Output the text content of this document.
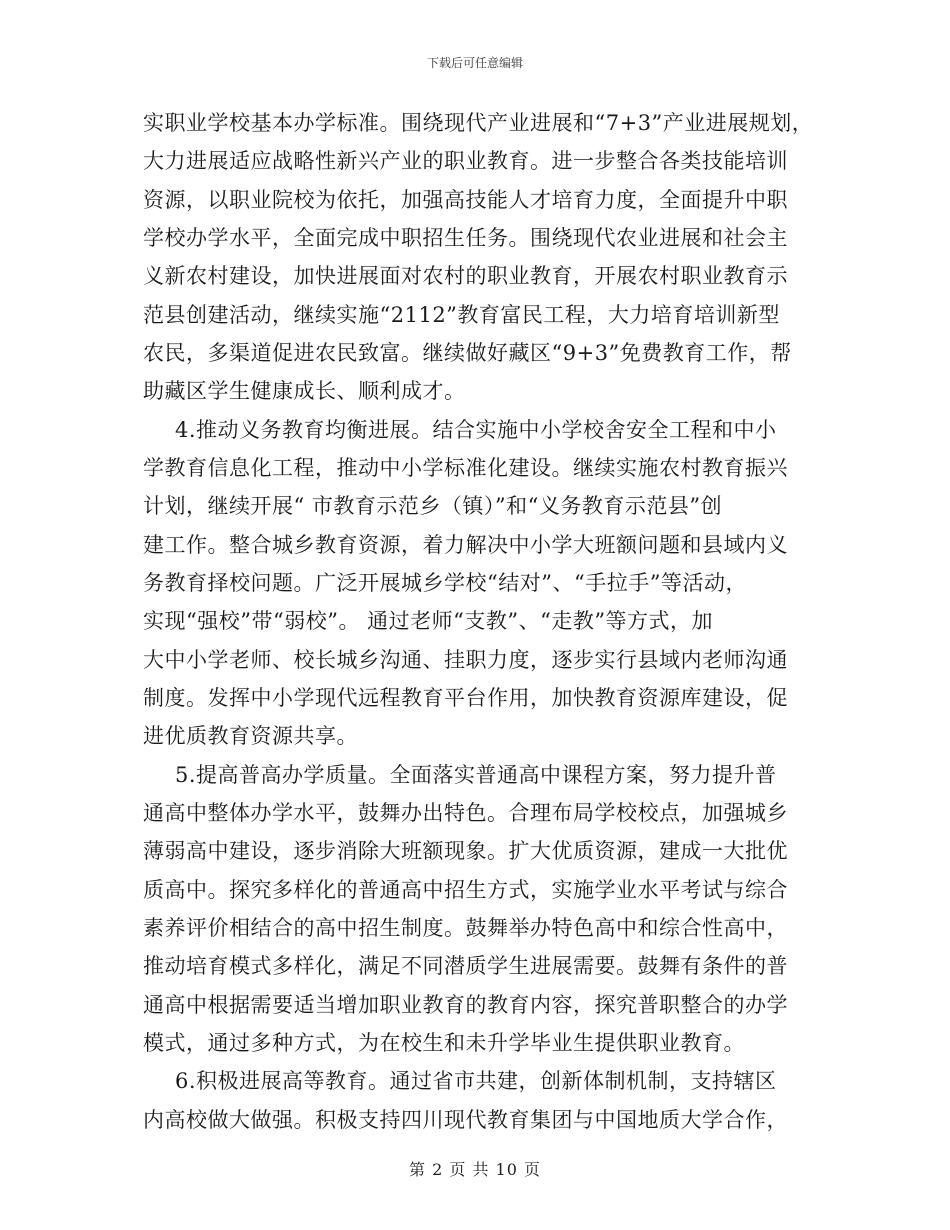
下载后可任意编辑
实职业学校基本办学标准。围绕现代产业进展和“7+3”产业进展规划，
大力进展适应战略性新兴产业的职业教育。进一步整合各类技能培训
资源，以职业院校为依托，加强高技能人才培育力度，全面提升中职
学校办学水平，全面完成中职招生任务。围绕现代农业进展和社会主
义新农村建设，加快进展面对农村的职业教育，开展农村职业教育示
范县创建活动，继续实施“2112”教育富民工程，大力培育培训新型
农民，多渠道促进农民致富。继续做好藏区“9+3”免费教育工作，帮
助藏区学生健康成长、顺利成才。
4.推动义务教育均衡进展。结合实施中小学校舍安全工程和中小
学教育信息化工程，推动中小学标准化建设。继续实施农村教育振兴
计划，继续开展“ 市教育示范乡（镇）”和“义务教育示范县”创
建工作。整合城乡教育资源，着力解决中小学大班额问题和县域内义
务教育择校问题。广泛开展城乡学校“结对”、“手拉手”等活动，
实现“强校”带“弱校”。 通过老师“支教”、“走教”等方式，加
大中小学老师、校长城乡沟通、挂职力度，逐步实行县域内老师沟通
制度。发挥中小学现代远程教育平台作用，加快教育资源库建设，促
进优质教育资源共享。
5.提高普高办学质量。全面落实普通高中课程方案，努力提升普
通高中整体办学水平，鼓舞办出特色。合理布局学校校点，加强城乡
薄弱高中建设，逐步消除大班额现象。扩大优质资源，建成一大批优
质高中。探究多样化的普通高中招生方式，实施学业水平考试与综合
素养评价相结合的高中招生制度。鼓舞举办特色高中和综合性高中，
推动培育模式多样化，满足不同潜质学生进展需要。鼓舞有条件的普
通高中根据需要适当增加职业教育的教育内容，探究普职整合的办学
模式，通过多种方式，为在校生和未升学毕业生提供职业教育。
6.积极进展高等教育。通过省市共建，创新体制机制，支持辖区
内高校做大做强。积极支持四川现代教育集团与中国地质大学合作，
第 2 页 共 10 页
